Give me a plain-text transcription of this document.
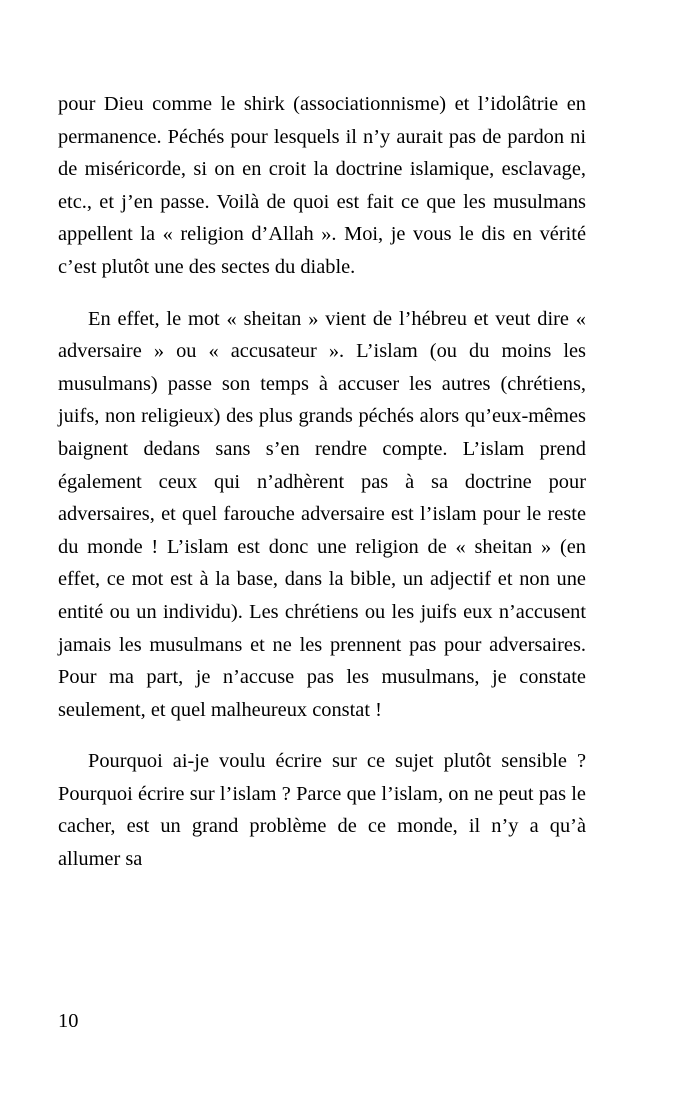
pour Dieu comme le shirk (associationnisme) et l’idolâtrie en permanence. Péchés pour lesquels il n’y aurait pas de pardon ni de miséricorde, si on en croit la doctrine islamique, esclavage, etc., et j’en passe. Voilà de quoi est fait ce que les musulmans appellent la « religion d’Allah ». Moi, je vous le dis en vérité c’est plutôt une des sectes du diable.

En effet, le mot « sheitan » vient de l’hébreu et veut dire « adversaire » ou « accusateur ». L’islam (ou du moins les musulmans) passe son temps à accuser les autres (chrétiens, juifs, non religieux) des plus grands péchés alors qu’eux-mêmes baignent dedans sans s’en rendre compte. L’islam prend également ceux qui n’adhèrent pas à sa doctrine pour adversaires, et quel farouche adversaire est l’islam pour le reste du monde ! L’islam est donc une religion de « sheitan » (en effet, ce mot est à la base, dans la bible, un adjectif et non une entité ou un individu). Les chrétiens ou les juifs eux n’accusent jamais les musulmans et ne les prennent pas pour adversaires. Pour ma part, je n’accuse pas les musulmans, je constate seulement, et quel malheureux constat !

Pourquoi ai-je voulu écrire sur ce sujet plutôt sensible ? Pourquoi écrire sur l’islam ? Parce que l’islam, on ne peut pas le cacher, est un grand problème de ce monde, il n’y a qu’à allumer sa

10
